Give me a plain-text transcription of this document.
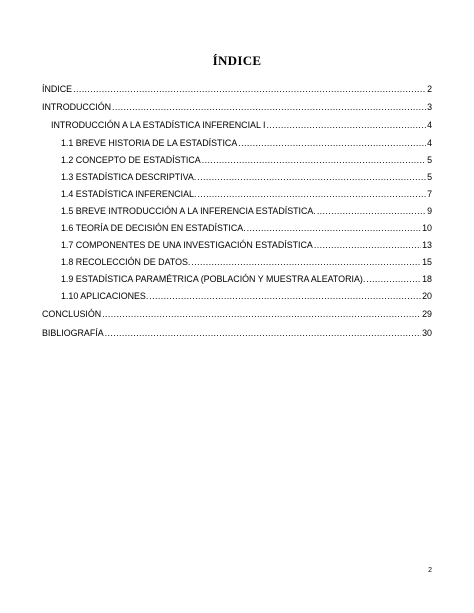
ÍNDICE
ÍNDICE .....	2
INTRODUCCIÓN .....	3
INTRODUCCIÓN A LA ESTADÍSTICA INFERENCIAL I .....	4
1.1 BREVE HISTORIA DE LA ESTADÍSTICA .....	4
1.2 CONCEPTO DE ESTADÍSTICA .....	5
1.3 ESTADÍSTICA DESCRIPTIVA. .....	5
1.4 ESTADÍSTICA INFERENCIAL. .....	7
1.5 BREVE INTRODUCCIÓN A LA INFERENCIA ESTADÍSTICA. .....	9
1.6 TEORÍA DE DECISIÓN EN ESTADÍSTICA. .....	10
1.7 COMPONENTES DE UNA INVESTIGACIÓN ESTADÍSTICA .....	13
1.8 RECOLECCIÓN DE DATOS. .....	15
1.9 ESTADÍSTICA PARAMÉTRICA (POBLACIÓN Y MUESTRA ALEATORIA). .....	18
1.10 APLICACIONES. .....	20
CONCLUSIÓN .....	29
BIBLIOGRAFÍA .....	30
2
